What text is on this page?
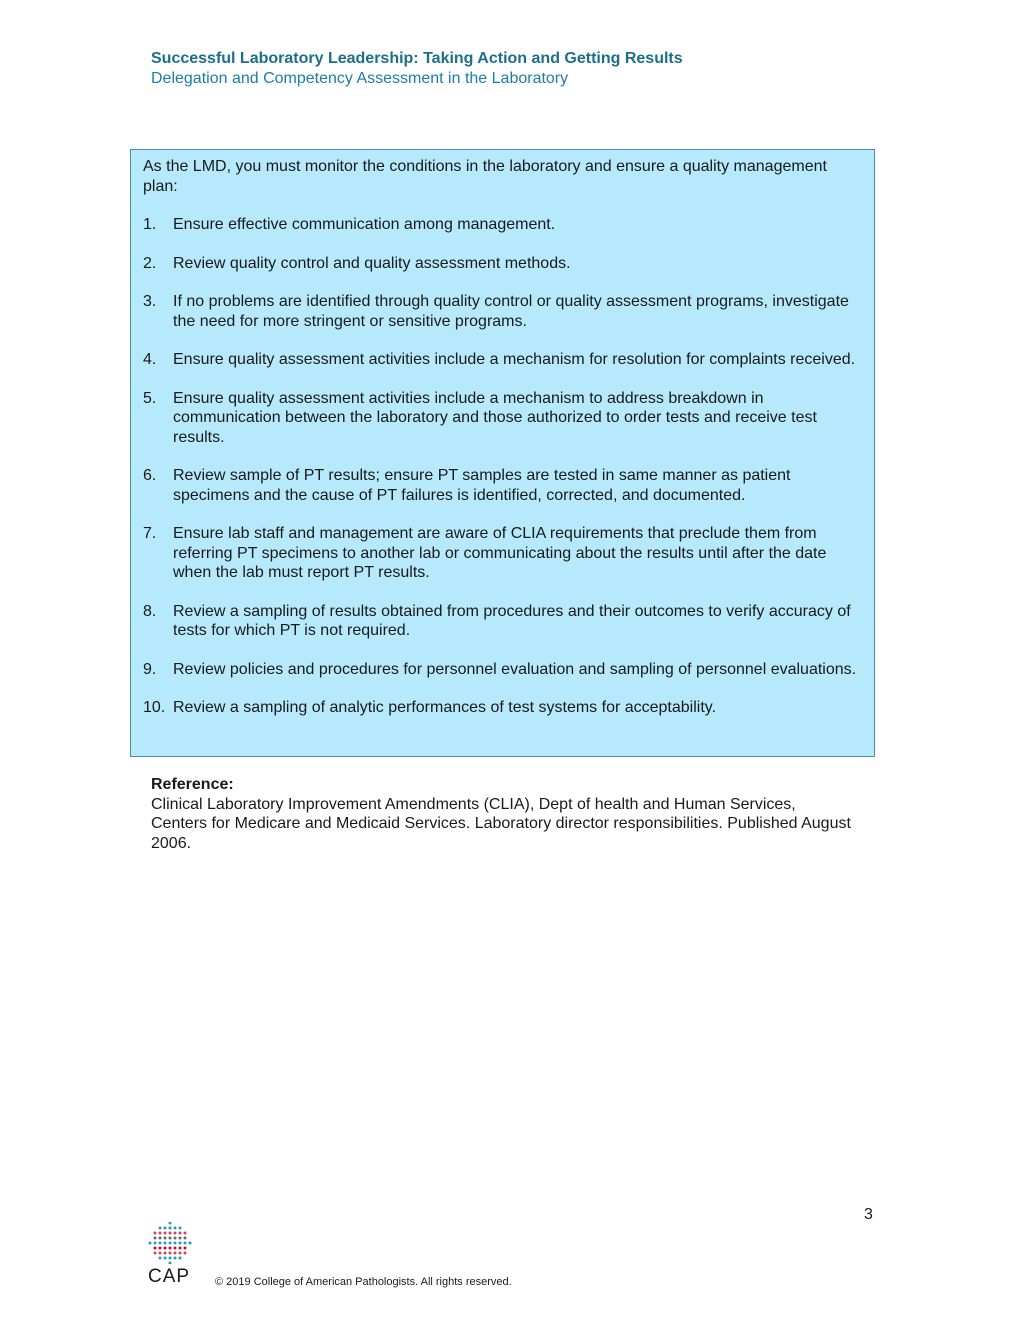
Successful Laboratory Leadership: Taking Action and Getting Results
Delegation and Competency Assessment in the Laboratory

As the LMD, you must monitor the conditions in the laboratory and ensure a quality management plan:

1.	Ensure effective communication among management.
2.	Review quality control and quality assessment methods.
3.	If no problems are identified through quality control or quality assessment programs, investigate the need for more stringent or sensitive programs.
4.	Ensure quality assessment activities include a mechanism for resolution for complaints received.
5.	Ensure quality assessment activities include a mechanism to address breakdown in communication between the laboratory and those authorized to order tests and receive test results.
6.	Review sample of PT results; ensure PT samples are tested in same manner as patient specimens and the cause of PT failures is identified, corrected, and documented.
7.	Ensure lab staff and management are aware of CLIA requirements that preclude them from referring PT specimens to another lab or communicating about the results until after the date when the lab must report PT results.
8.	Review a sampling of results obtained from procedures and their outcomes to verify accuracy of tests for which PT is not required.
9.	Review policies and procedures for personnel evaluation and sampling of personnel evaluations.
10. Review a sampling of analytic performances of test systems for acceptability.
Reference:
Clinical Laboratory Improvement Amendments (CLIA), Dept of health and Human Services, Centers for Medicare and Medicaid Services. Laboratory director responsibilities. Published August 2006.
3
CAP	© 2019 College of American Pathologists. All rights reserved.
